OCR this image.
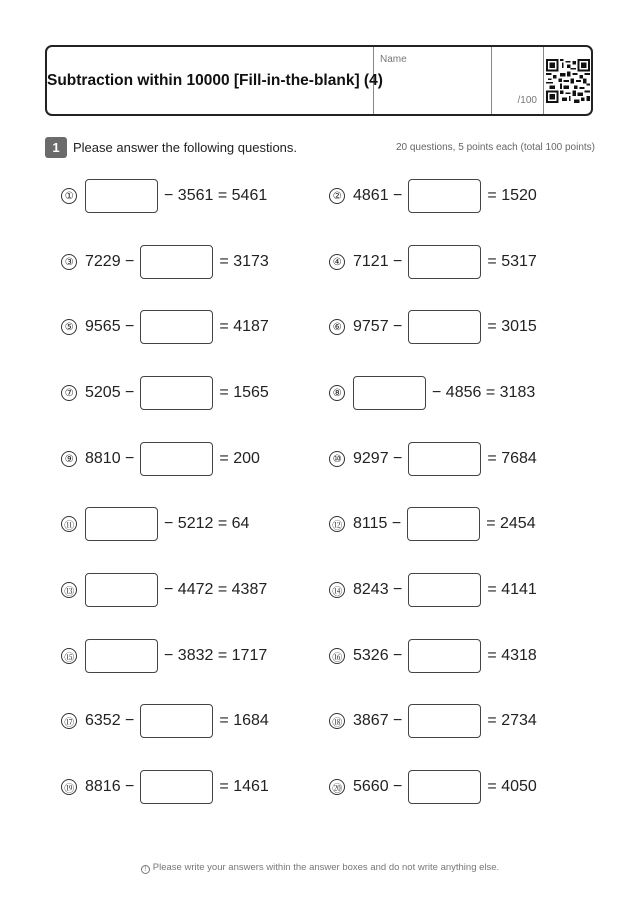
Subtraction within 10000 [Fill-in-the-blank] (4)
Name
/100
1	Please answer the following questions.	20 questions, 5 points each (total 100 points)
①	−
3561
=
5461	② 4861
−	=
1520
③ 7229
−	=
3173	④ 7121
−	=
5317
⑤ 9565
−	=
4187	⑥ 9757
−	=
3015
⑦ 5205
−	=
1565	⑧	−
4856
=
3183
⑨ 8810
−	=
200	⑩ 9297
−	=
7684
⑪	−
5212
=
64	⑫ 8115
−	=
2454
⑬	−
4472
=
4387	⑭ 8243
−	=
4141
⑮	−
3832
=
1717	⑯ 5326
−	=
4318
⑰ 6352
−	=
1684	⑱ 3867
−	=
2734
⑲ 8816
−	=
1461	⑳ 5660
−	=
4050
! Please write your answers within the answer boxes and do not write anything else.
